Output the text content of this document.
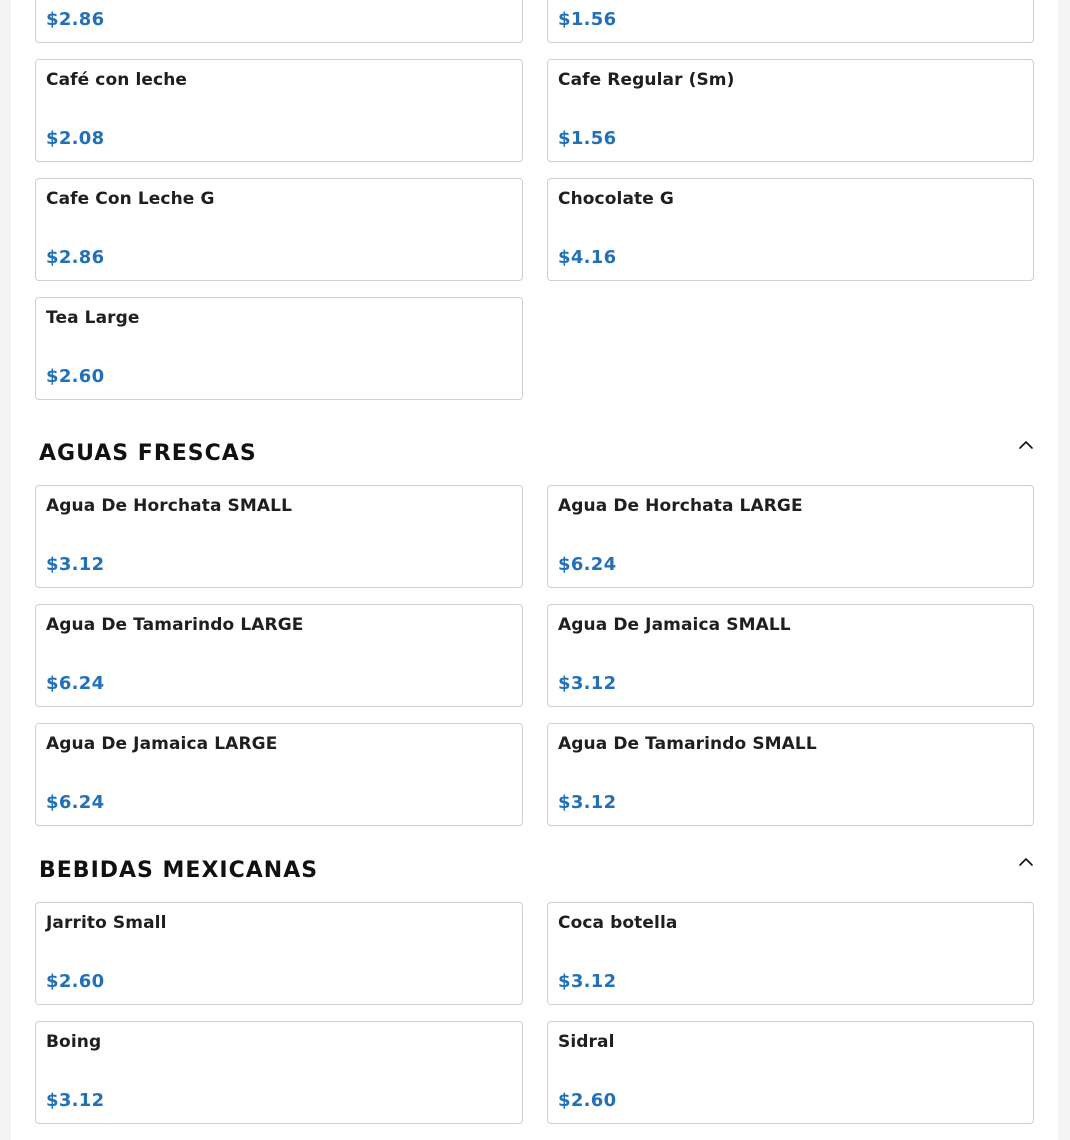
$2.86	$1.56
Café con leche
$2.08
Cafe Regular (Sm)
$1.56
Cafe Con Leche G
$2.86
Chocolate G
$4.16
Tea Large
$2.60
AGUAS FRESCAS
Agua De Horchata SMALL
$3.12
Agua De Horchata LARGE
$6.24
Agua De Tamarindo LARGE
$6.24
Agua De Jamaica SMALL
$3.12
Agua De Jamaica LARGE
$6.24
Agua De Tamarindo SMALL
$3.12
BEBIDAS MEXICANAS
Jarrito Small
$2.60
Coca botella
$3.12
Boing
$3.12
Sidral
$2.60
